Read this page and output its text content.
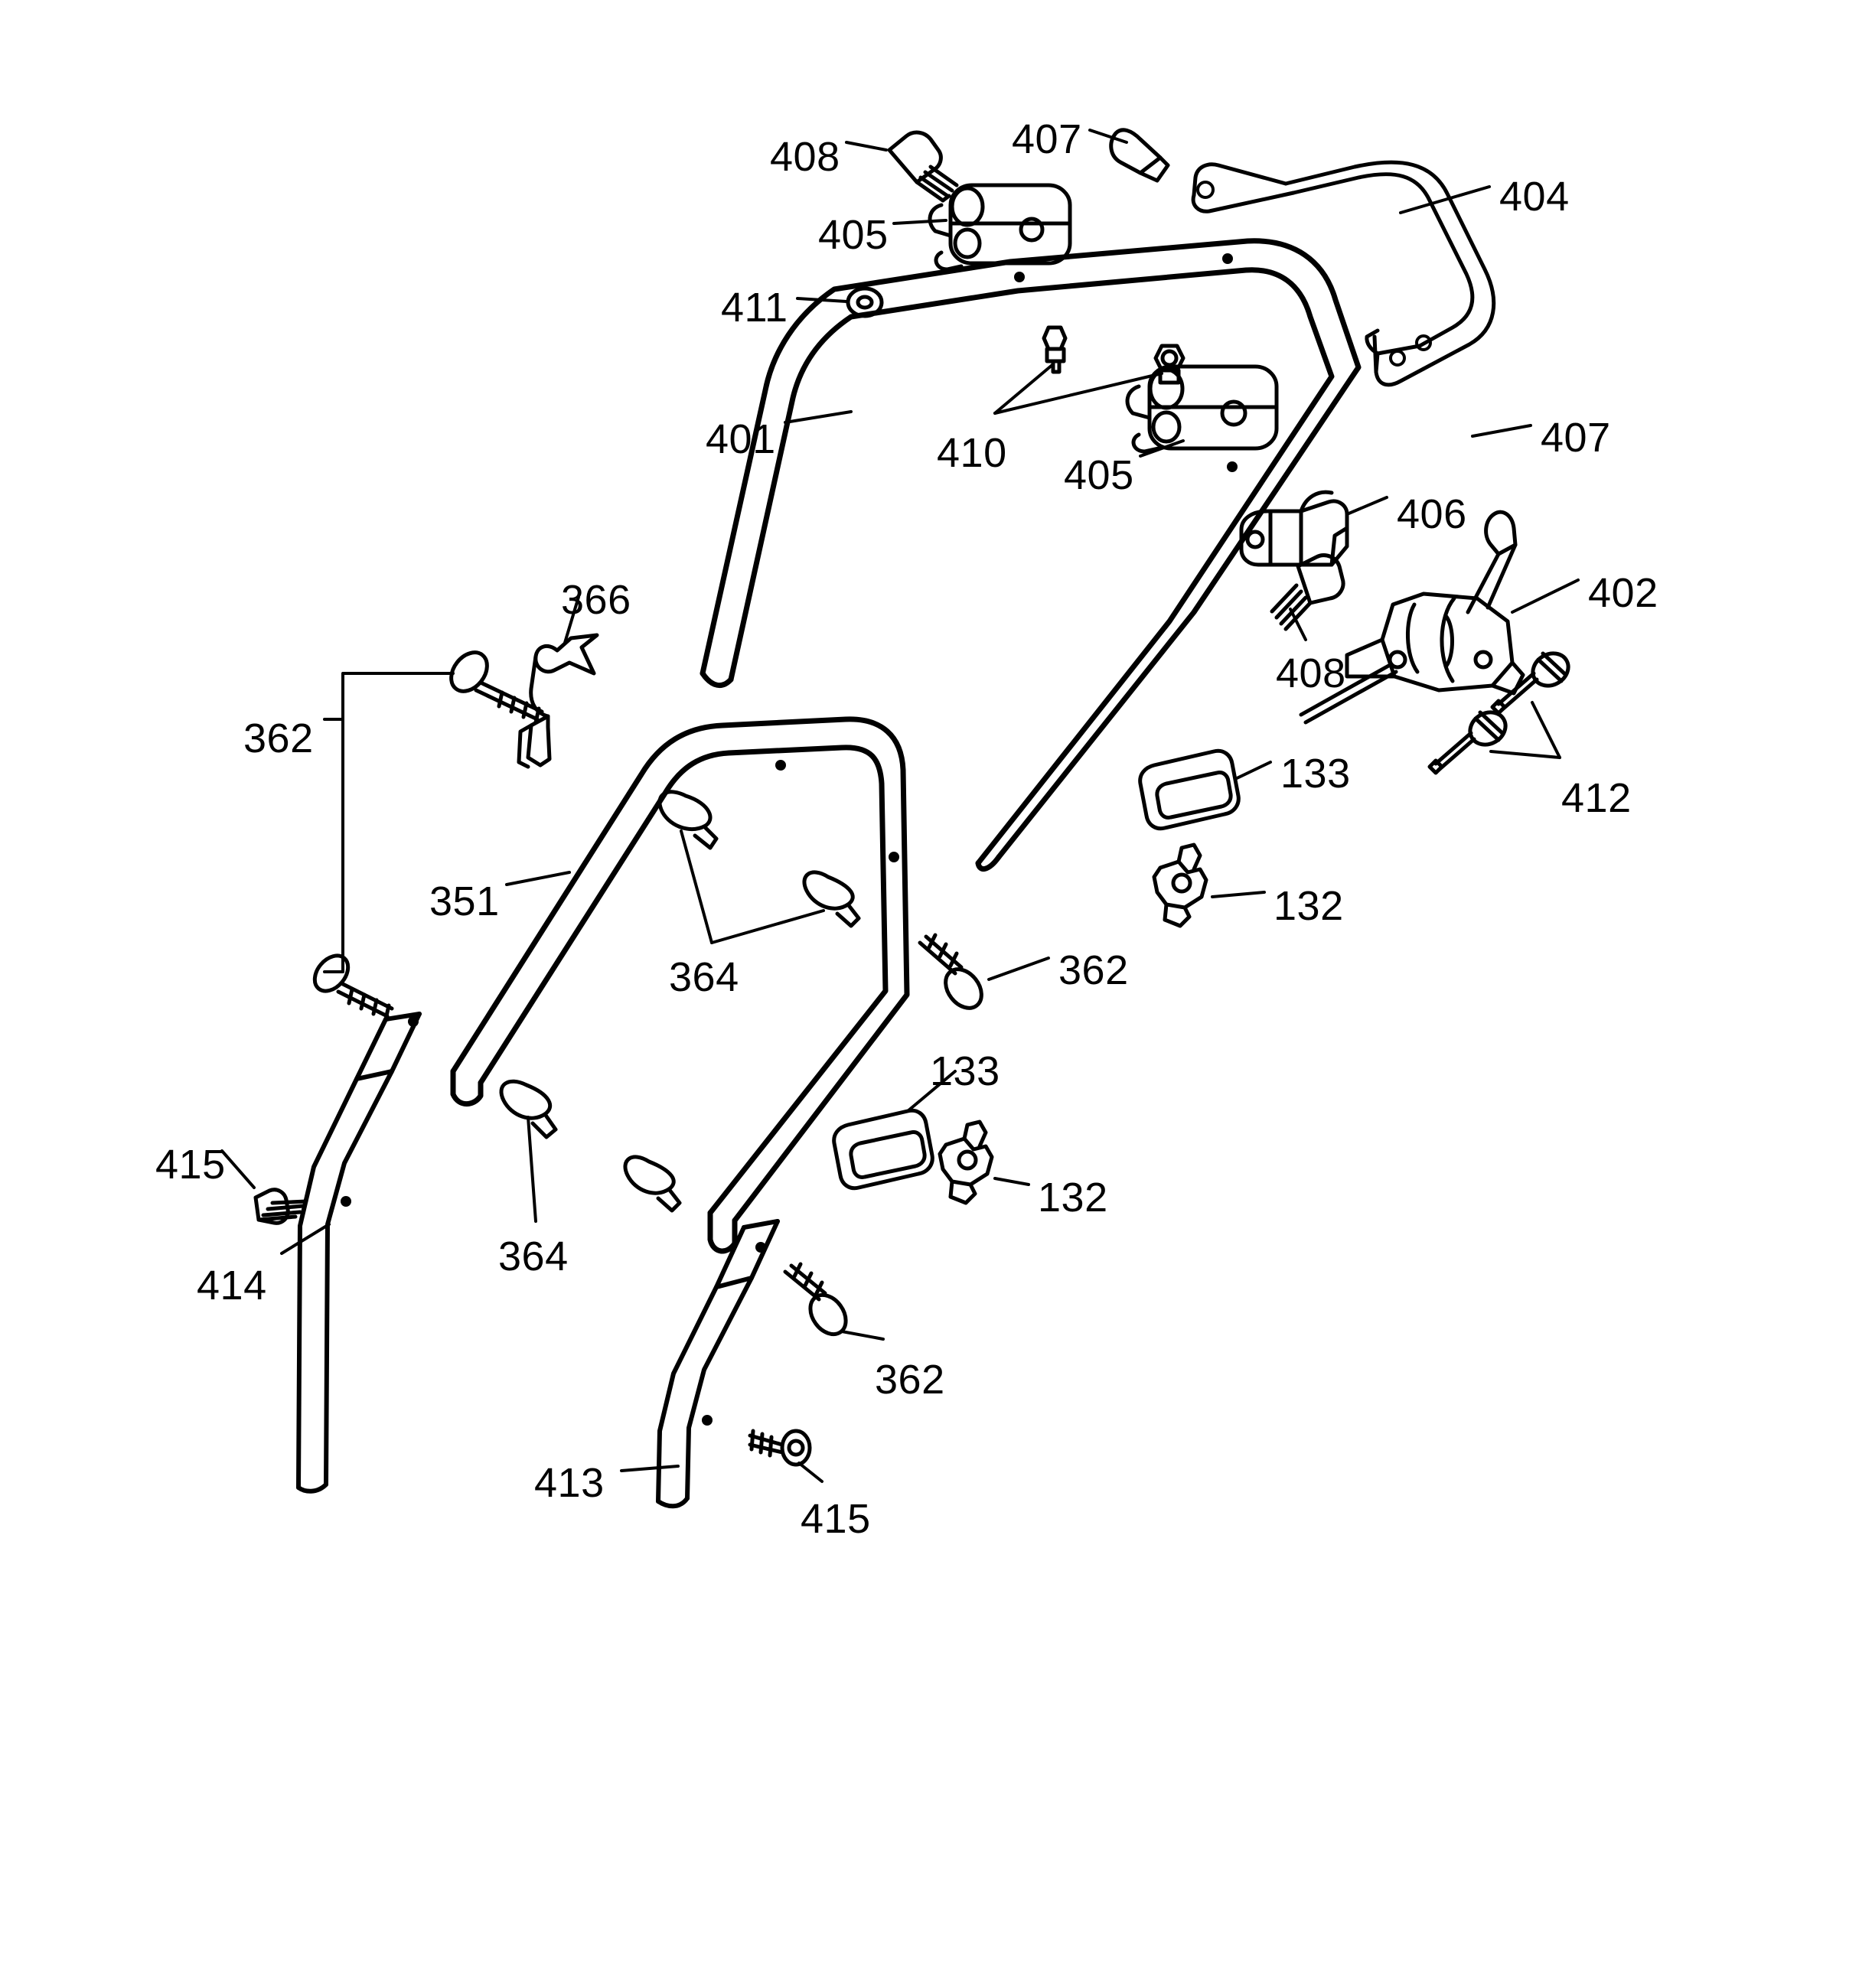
408	407
404
405
411
401	410 405
407
406
402
366
408
412
362
133
351	132
364	362
133
415
132
364
414
362
413
415
